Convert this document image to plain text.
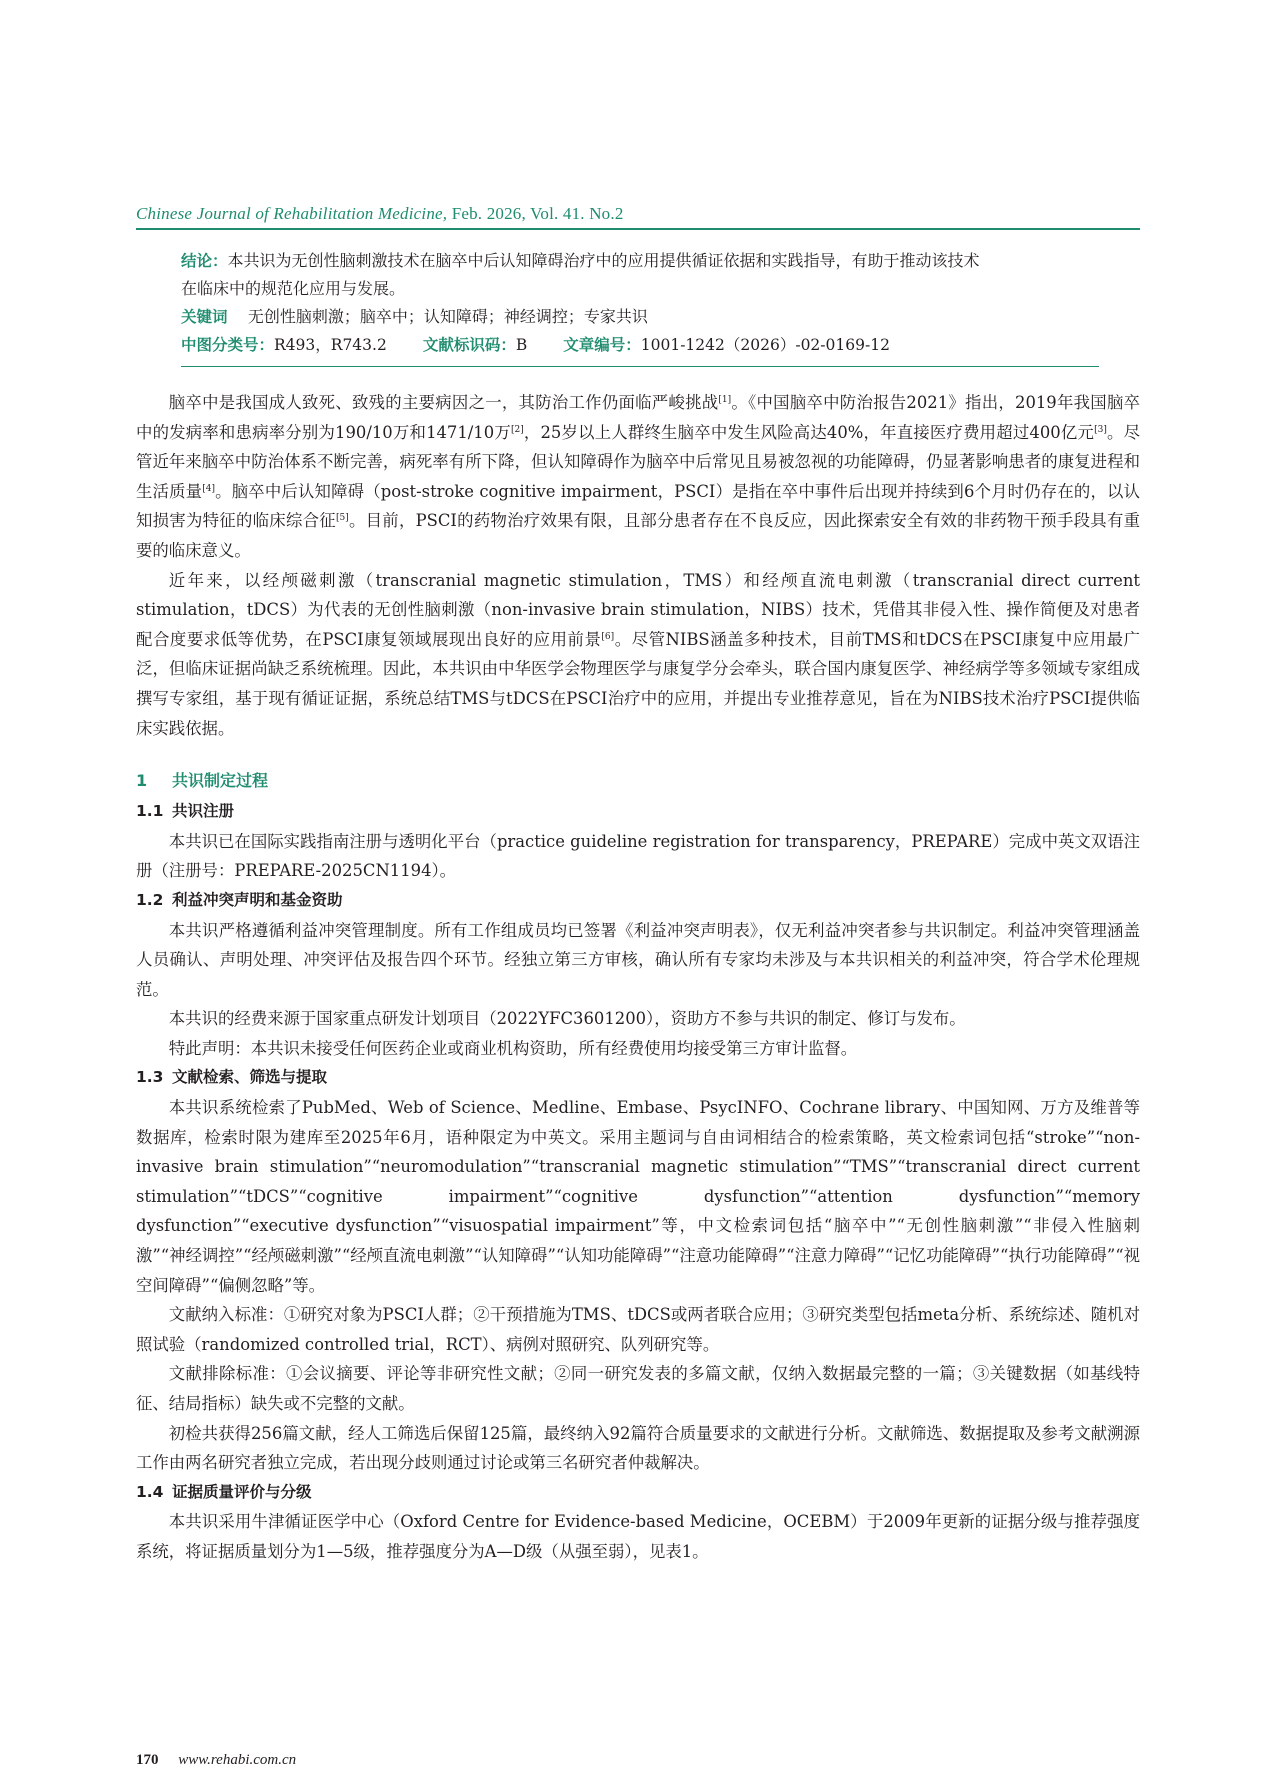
Chinese Journal of Rehabilitation Medicine, Feb. 2026, Vol. 41. No.2
结论：本共识为无创性脑刺激技术在脑卒中后认知障碍治疗中的应用提供循证依据和实践指导，有助于推动该技术
在临床中的规范化应用与发展。
关键词 无创性脑刺激；脑卒中；认知障碍；神经调控；专家共识
中图分类号：R493，R743.2 文献标识码：B 文章编号：1001-1242（2026）-02-0169-12

脑卒中是我国成人致死、致残的主要病因之一，其防治工作仍面临严峻挑战[1]。《中国脑卒中防治报告2021》指出，2019年我国脑卒中的发病率和患病率分别为190/10万和1471/10万[2]，25岁以上人群终生脑卒中发生风险高达40%，年直接医疗费用超过400亿元[3]。尽管近年来脑卒中防治体系不断完善，病死率有所下降，但认知障碍作为脑卒中后常见且易被忽视的功能障碍，仍显著影响患者的康复进程和生活质量[4]。脑卒中后认知障碍（post-stroke cognitive impairment，PSCI）是指在卒中事件后出现并持续到6个月时仍存在的，以认知损害为特征的临床综合征[5]。目前，PSCI的药物治疗效果有限，且部分患者存在不良反应，因此探索安全有效的非药物干预手段具有重要的临床意义。

近年来，以经颅磁刺激（transcranial magnetic stimulation，TMS）和经颅直流电刺激（transcranial direct current stimulation，tDCS）为代表的无创性脑刺激（non-invasive brain stimulation，NIBS）技术，凭借其非侵入性、操作简便及对患者配合度要求低等优势，在PSCI康复领域展现出良好的应用前景[6]。尽管NIBS涵盖多种技术，目前TMS和tDCS在PSCI康复中应用最广泛，但临床证据尚缺乏系统梳理。因此，本共识由中华医学会物理医学与康复学分会牵头，联合国内康复医学、神经病学等多领域专家组成撰写专家组，基于现有循证证据，系统总结TMS与tDCS在PSCI治疗中的应用，并提出专业推荐意见，旨在为NIBS技术治疗PSCI提供临床实践依据。

1 共识制定过程

1.1 共识注册

本共识已在国际实践指南注册与透明化平台（practice guideline registration for transparency，PREPARE）完成中英文双语注册（注册号：PREPARE-2025CN1194）。

1.2 利益冲突声明和基金资助

本共识严格遵循利益冲突管理制度。所有工作组成员均已签署《利益冲突声明表》，仅无利益冲突者参与共识制定。利益冲突管理涵盖人员确认、声明处理、冲突评估及报告四个环节。经独立第三方审核，确认所有专家均未涉及与本共识相关的利益冲突，符合学术伦理规范。

本共识的经费来源于国家重点研发计划项目（2022YFC3601200），资助方不参与共识的制定、修订与发布。

特此声明：本共识未接受任何医药企业或商业机构资助，所有经费使用均接受第三方审计监督。

1.3 文献检索、筛选与提取

本共识系统检索了PubMed、Web of Science、Medline、Embase、PsycINFO、Cochrane library、中国知网、万方及维普等数据库，检索时限为建库至2025年6月，语种限定为中英文。采用主题词与自由词相结合的检索策略，英文检索词包括“stroke”“non-invasive brain stimulation”“neuromodulation”“transcranial magnetic stimulation”“TMS”“transcranial direct current stimulation”“tDCS”“cognitive impairment”“cognitive dysfunction”“attention dysfunction”“memory dysfunction”“executive dysfunction”“visuospatial impairment”等，中文检索词包括“脑卒中”“无创性脑刺激”“非侵入性脑刺激”“神经调控”“经颅磁刺激”“经颅直流电刺激”“认知障碍”“认知功能障碍”“注意功能障碍”“注意力障碍”“记忆功能障碍”“执行功能障碍”“视空间障碍”“偏侧忽略”等。

文献纳入标准：①研究对象为PSCI人群；②干预措施为TMS、tDCS或两者联合应用；③研究类型包括meta分析、系统综述、随机对照试验（randomized controlled trial，RCT）、病例对照研究、队列研究等。

文献排除标准：①会议摘要、评论等非研究性文献；②同一研究发表的多篇文献，仅纳入数据最完整的一篇；③关键数据（如基线特征、结局指标）缺失或不完整的文献。

初检共获得256篇文献，经人工筛选后保留125篇，最终纳入92篇符合质量要求的文献进行分析。文献筛选、数据提取及参考文献溯源工作由两名研究者独立完成，若出现分歧则通过讨论或第三名研究者仲裁解决。

1.4 证据质量评价与分级

本共识采用牛津循证医学中心（Oxford Centre for Evidence-based Medicine，OCEBM）于2009年更新的证据分级与推荐强度系统，将证据质量划分为1—5级，推荐强度分为A—D级（从强至弱），见表1。

170 www.rehabi.com.cn
